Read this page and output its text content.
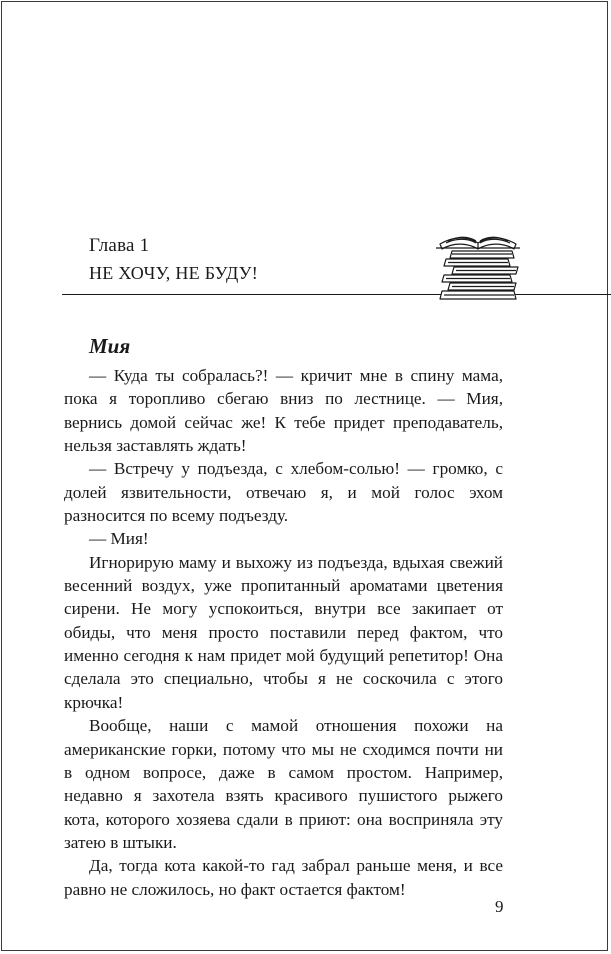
Глава 1
НЕ ХОЧУ, НЕ БУДУ!
Мия

— Куда ты собралась?! — кричит мне в спину мама, пока я торопливо сбегаю вниз по лестнице. — Мия, вернись домой сейчас же! К тебе придет преподаватель, нельзя заставлять ждать!

— Встречу у подъезда, с хлебом-солью! — громко, с долей язвительности, отвечаю я, и мой голос эхом разносится по всему подъезду.

— Мия!

Игнорирую маму и выхожу из подъезда, вдыхая свежий весенний воздух, уже пропитанный ароматами цветения сирени. Не могу успокоиться, внутри все закипает от обиды, что меня просто поставили перед фактом, что именно сегодня к нам придет мой будущий репетитор! Она сделала это специально, чтобы я не соскочила с этого крючка!

Вообще, наши с мамой отношения похожи на американские горки, потому что мы не сходимся почти ни в одном вопросе, даже в самом простом. Например, недавно я захотела взять красивого пушистого рыжего кота, которого хозяева сдали в приют: она восприняла эту затею в штыки.

Да, тогда кота какой-то гад забрал раньше меня, и все равно не сложилось, но факт остается фактом!

9
